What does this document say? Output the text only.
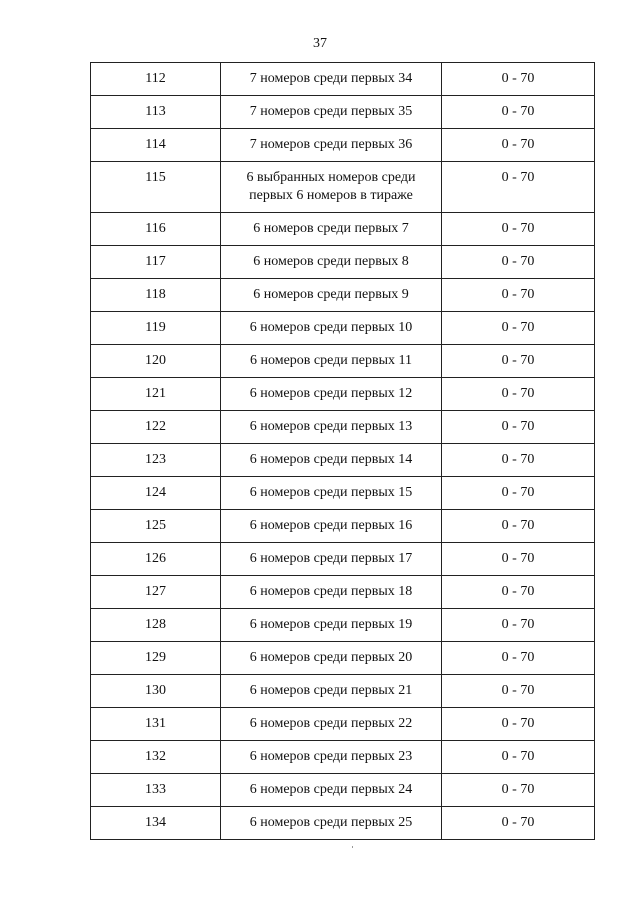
37
112	7 номеров среди первых 34	0 - 70
113	7 номеров среди первых 35	0 - 70
114	7 номеров среди первых 36	0 - 70
115	6 выбранных номеров среди первых 6 номеров в тираже	0 - 70
116	6 номеров среди первых 7	0 - 70
117	6 номеров среди первых 8	0 - 70
118	6 номеров среди первых 9	0 - 70
119	6 номеров среди первых 10	0 - 70
120	6 номеров среди первых 11	0 - 70
121	6 номеров среди первых 12	0 - 70
122	6 номеров среди первых 13	0 - 70
123	6 номеров среди первых 14	0 - 70
124	6 номеров среди первых 15	0 - 70
125	6 номеров среди первых 16	0 - 70
126	6 номеров среди первых 17	0 - 70
127	6 номеров среди первых 18	0 - 70
128	6 номеров среди первых 19	0 - 70
129	6 номеров среди первых 20	0 - 70
130	6 номеров среди первых 21	0 - 70
131	6 номеров среди первых 22	0 - 70
132	6 номеров среди первых 23	0 - 70
133	6 номеров среди первых 24	0 - 70
134	6 номеров среди первых 25	0 - 70
